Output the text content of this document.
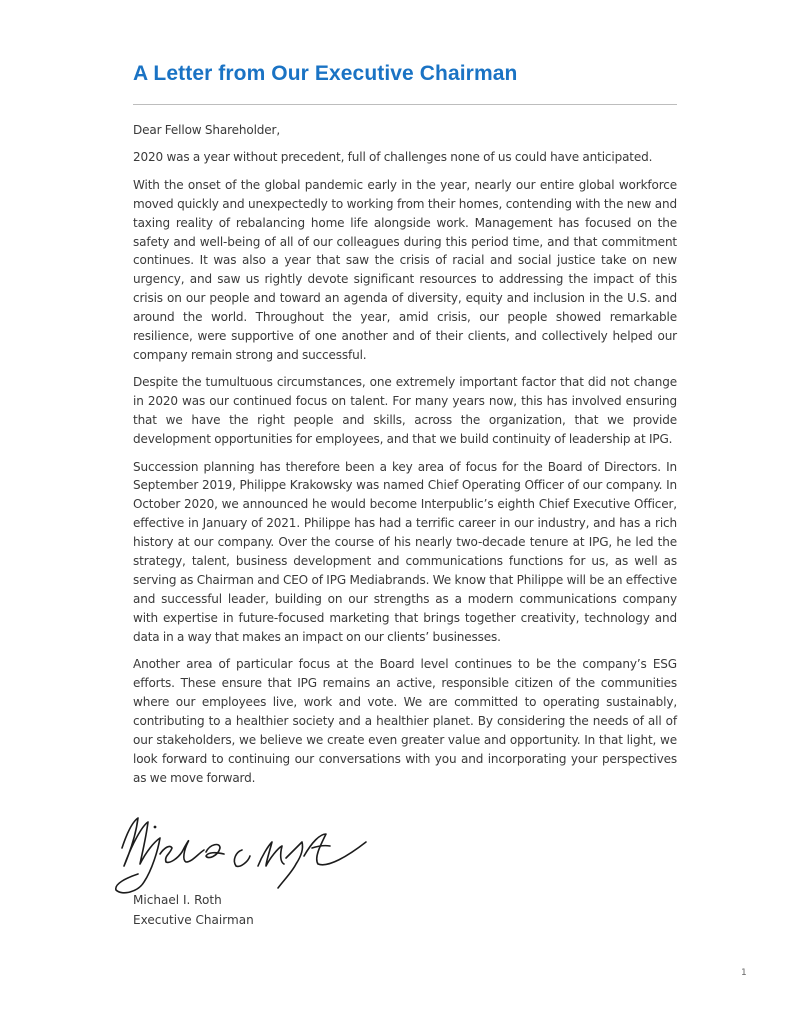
A Letter from Our Executive Chairman

Dear Fellow Shareholder,

2020 was a year without precedent, full of challenges none of us could have anticipated.

With the onset of the global pandemic early in the year, nearly our entire global workforce moved quickly and unexpectedly to working from their homes, contending with the new and taxing reality of rebalancing home life alongside work. Management has focused on the safety and well-being of all of our colleagues during this period time, and that commitment continues. It was also a year that saw the crisis of racial and social justice take on new urgency, and saw us rightly devote significant resources to addressing the impact of this crisis on our people and toward an agenda of diversity, equity and inclusion in the U.S. and around the world. Throughout the year, amid crisis, our people showed remarkable resilience, were supportive of one another and of their clients, and collectively helped our company remain strong and successful.

Despite the tumultuous circumstances, one extremely important factor that did not change in 2020 was our continued focus on talent. For many years now, this has involved ensuring that we have the right people and skills, across the organization, that we provide development opportunities for employees, and that we build continuity of leadership at IPG.

Succession planning has therefore been a key area of focus for the Board of Directors. In September 2019, Philippe Krakowsky was named Chief Operating Officer of our company. In October 2020, we announced he would become Interpublic’s eighth Chief Executive Officer, effective in January of 2021. Philippe has had a terrific career in our industry, and has a rich history at our company. Over the course of his nearly two-decade tenure at IPG, he led the strategy, talent, business development and communications functions for us, as well as serving as Chairman and CEO of IPG Mediabrands. We know that Philippe will be an effective and successful leader, building on our strengths as a modern communications company with expertise in future-focused marketing that brings together creativity, technology and data in a way that makes an impact on our clients’ businesses.

Another area of particular focus at the Board level continues to be the company’s ESG efforts. These ensure that IPG remains an active, responsible citizen of the communities where our employees live, work and vote. We are committed to operating sustainably, contributing to a healthier society and a healthier planet. By considering the needs of all of our stakeholders, we believe we create even greater value and opportunity. In that light, we look forward to continuing our conversations with you and incorporating your perspectives as we move forward.

Michael I. Roth
Executive Chairman
1
